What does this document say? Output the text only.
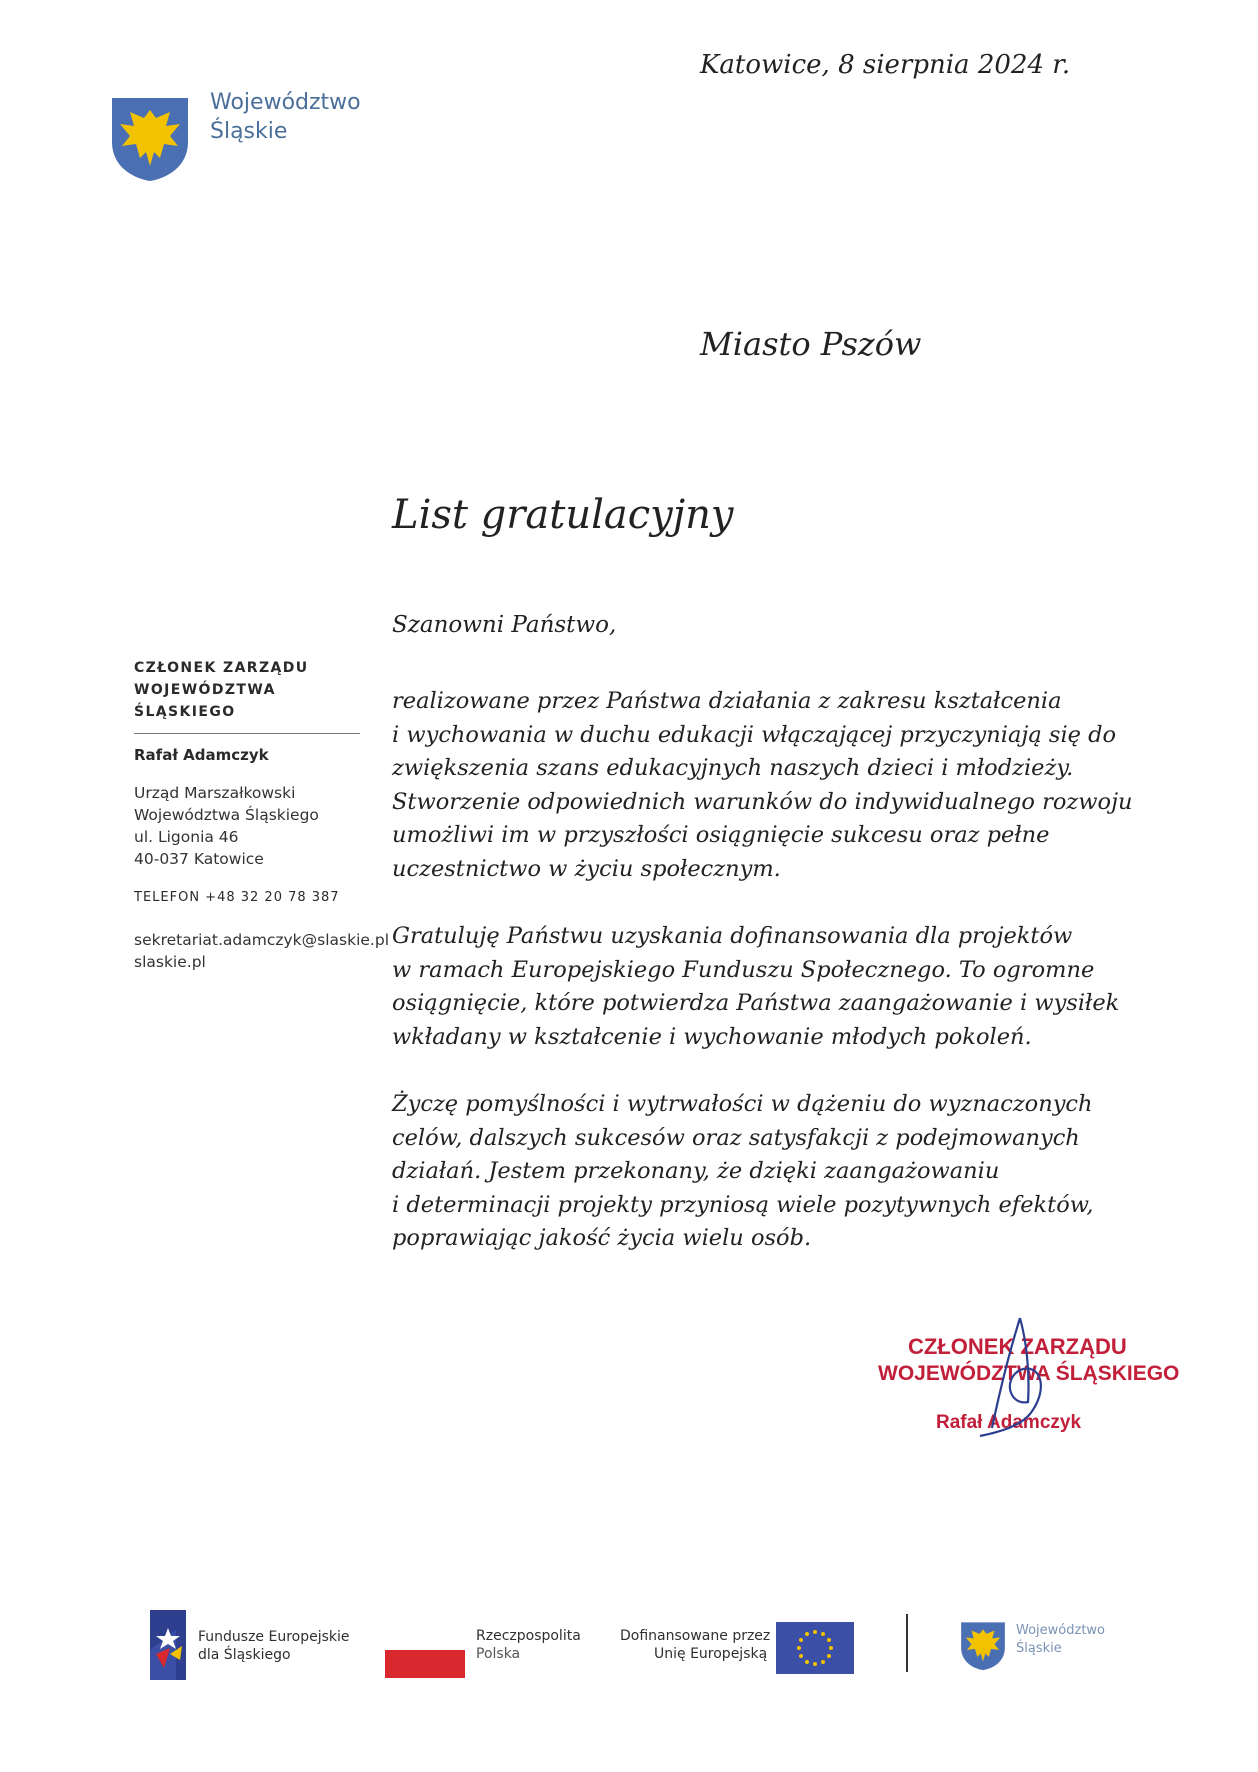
Województwo
Śląskie
Katowice, 8 sierpnia 2024 r.
Miasto Pszów
List gratulacyjny
CZŁONEK ZARZĄDU
WOJEWÓDZTWA ŚLĄSKIEGO
Rafał Adamczyk
Urząd Marszałkowski
Województwa Śląskiego
ul. Ligonia 46
40-037 Katowice
TELEFON +48 32 20 78 387
sekretariat.adamczyk@slaskie.pl
slaskie.pl
Szanowni Państwo,
realizowane przez Państwa działania z zakresu kształcenia
i wychowania w duchu edukacji włączającej przyczyniają się do
zwiększenia szans edukacyjnych naszych dzieci i młodzieży.
Stworzenie odpowiednich warunków do indywidualnego rozwoju
umożliwi im w przyszłości osiągnięcie sukcesu oraz pełne
uczestnictwo w życiu społecznym.
Gratuluję Państwu uzyskania dofinansowania dla projektów
w ramach Europejskiego Funduszu Społecznego. To ogromne
osiągnięcie, które potwierdza Państwa zaangażowanie i wysiłek
wkładany w kształcenie i wychowanie młodych pokoleń.
Życzę pomyślności i wytrwałości w dążeniu do wyznaczonych
celów, dalszych sukcesów oraz satysfakcji z podejmowanych
działań. Jestem przekonany, że dzięki zaangażowaniu
i determinacji projekty przyniosą wiele pozytywnych efektów,
poprawiając jakość życia wielu osób.
CZŁONEK ZARZĄDU
WOJEWÓDZTWA ŚLĄSKIEGO
Rafał Adamczyk
Fundusze Europejskie
dla Śląskiego
Rzeczpospolita
Polska
Dofinansowane przez
Unię Europejską
Województwo
Śląskie
